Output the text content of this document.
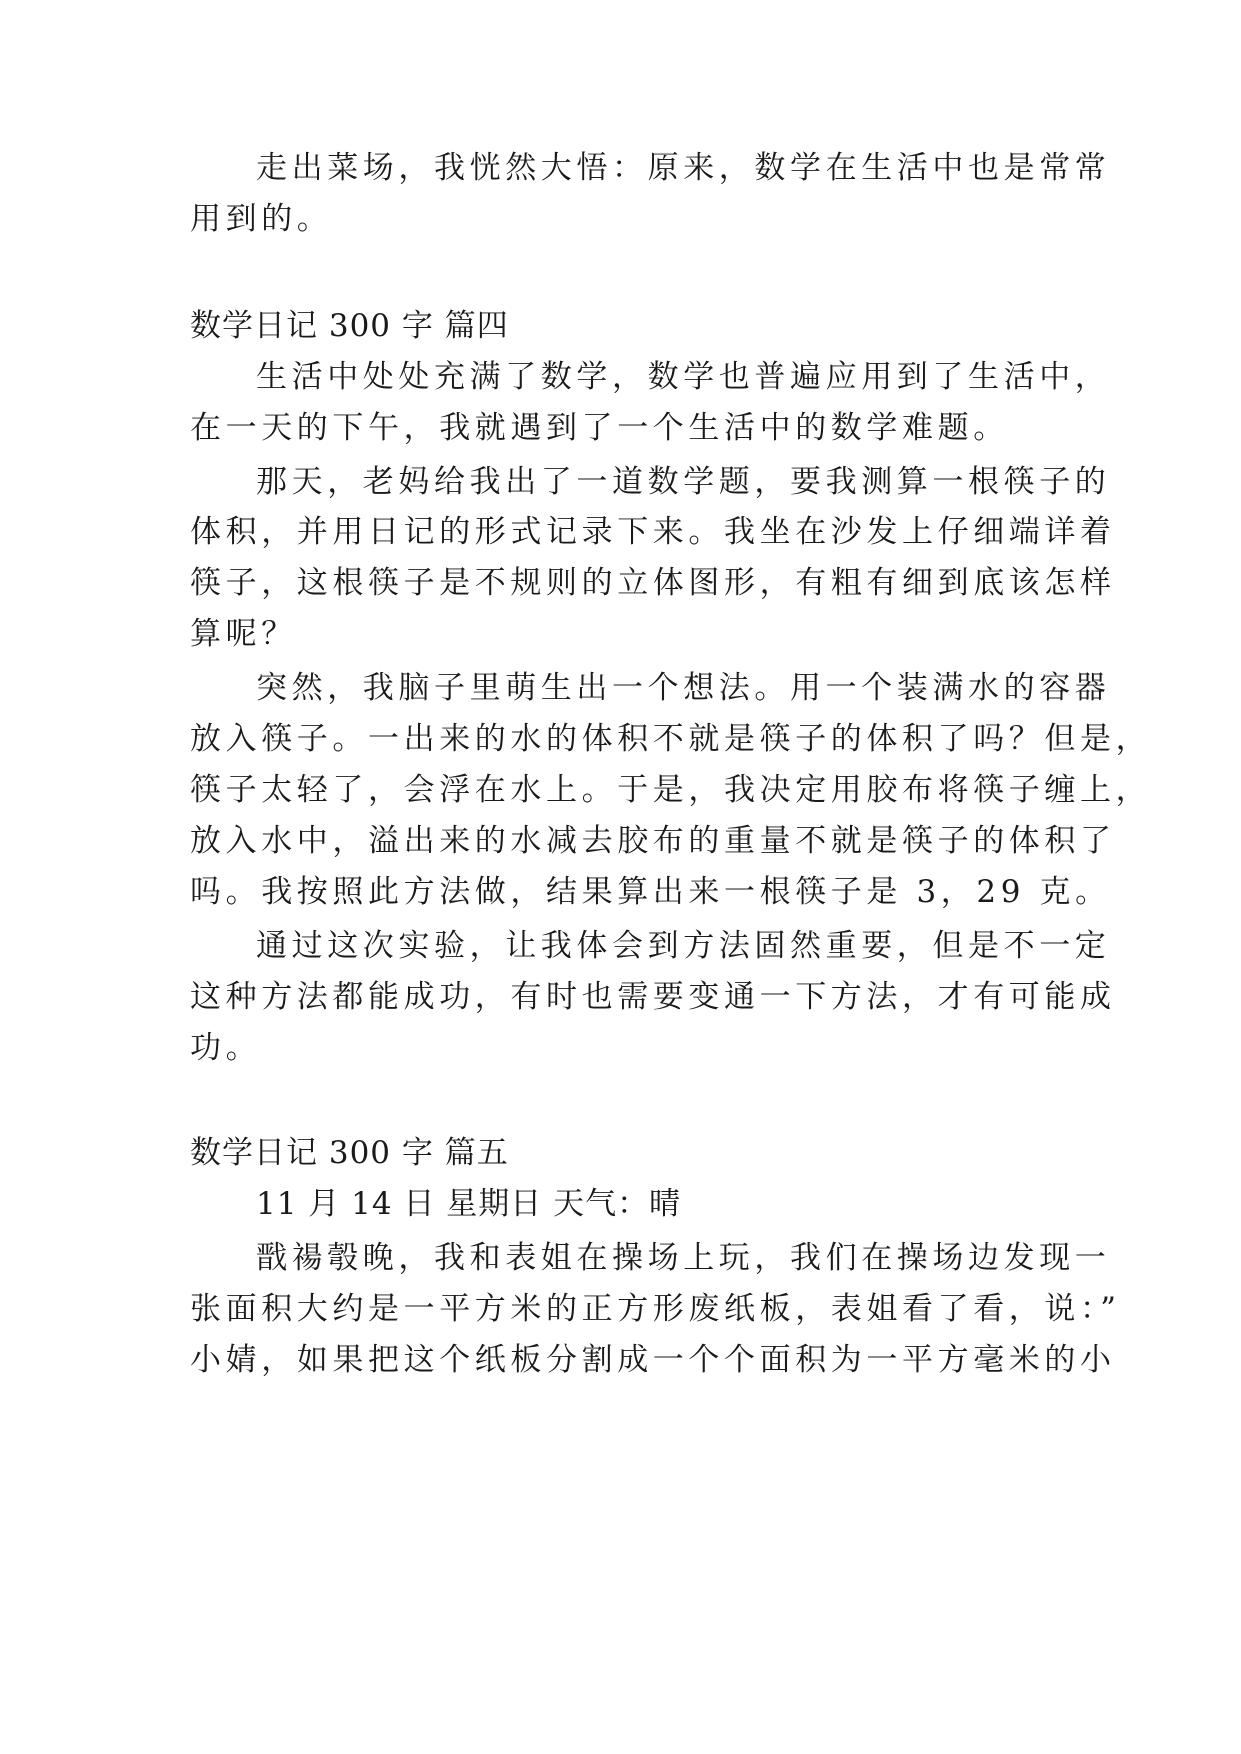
走出菜场，我恍然大悟：原来，数学在生活中也是常常
用到的。
数学日记 300 字 篇四
生活中处处充满了数学，数学也普遍应用到了生活中，
在一天的下午，我就遇到了一个生活中的数学难题。
那天，老妈给我出了一道数学题，要我测算一根筷子的
体积，并用日记的形式记录下来。我坐在沙发上仔细端详着
筷子，这根筷子是不规则的立体图形，有粗有细到底该怎样
算呢？
突然，我脑子里萌生出一个想法。用一个装满水的容器
放入筷子。一出来的水的体积不就是筷子的体积了吗？但是，
筷子太轻了，会浮在水上。于是，我决定用胶布将筷子缠上，
放入水中，溢出来的水减去胶布的重量不就是筷子的体积了
吗。我按照此方法做，结果算出来一根筷子是 3，29 克。
通过这次实验，让我体会到方法固然重要，但是不一定
这种方法都能成功，有时也需要变通一下方法，才有可能成
功。
数学日记 300 字 篇五
11 月 14 日 星期日 天气：晴
戬禓彀晚，我和表姐在操场上玩，我们在操场边发现一
张面积大约是一平方米的正方形废纸板，表姐看了看，说：”
小婧，如果把这个纸板分割成一个个面积为一平方毫米的小
